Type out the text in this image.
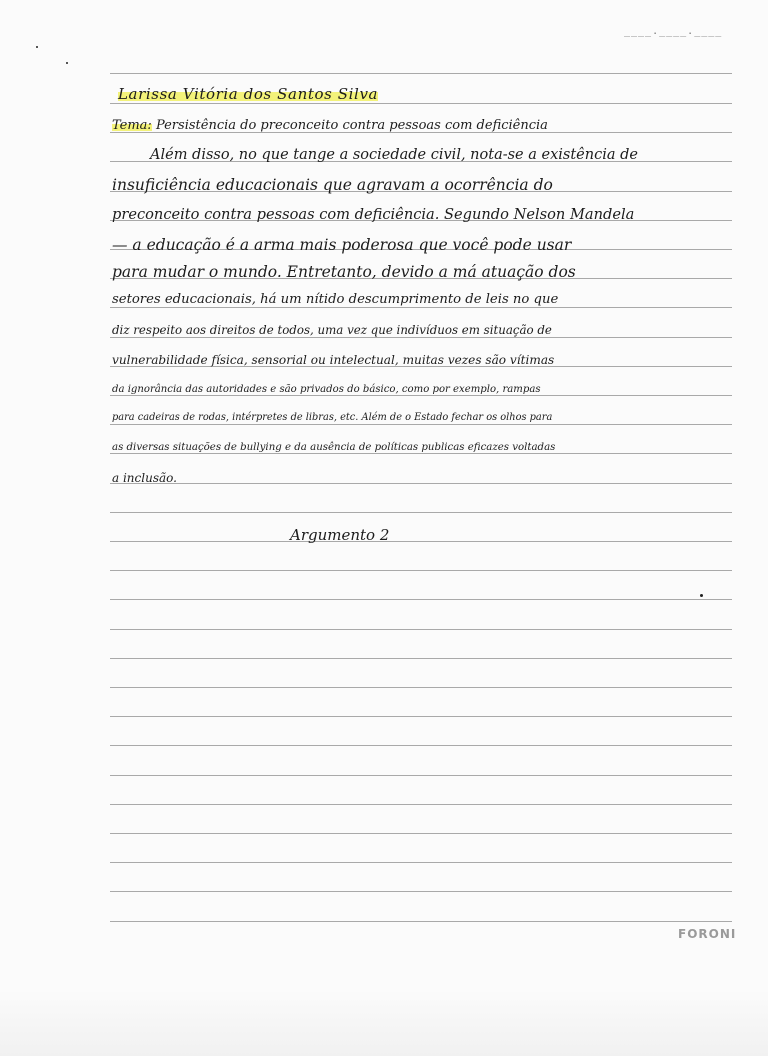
____.____.____
Larissa Vitória dos Santos Silva
Tema: Persistência do preconceito contra pessoas com deficiência
Além disso, no que tange a sociedade civil, nota-se a existência de
insuficiência educacionais que agravam a ocorrência do
preconceito contra pessoas com deficiência. Segundo Nelson Mandela
— a educação é a arma mais poderosa que você pode usar
para mudar o mundo. Entretanto, devido a má atuação dos
setores educacionais, há um nítido descumprimento de leis no que
diz respeito aos direitos de todos, uma vez que indivíduos em situação de
vulnerabilidade física, sensorial ou intelectual, muitas vezes são vítimas
da ignorância das autoridades e são privados do básico, como por exemplo, rampas
para cadeiras de rodas, intérpretes de libras, etc. Além de o Estado fechar os olhos para
as diversas situações de bullying e da ausência de políticas publicas eficazes voltadas
a inclusão.
Argumento 2
FORONI
